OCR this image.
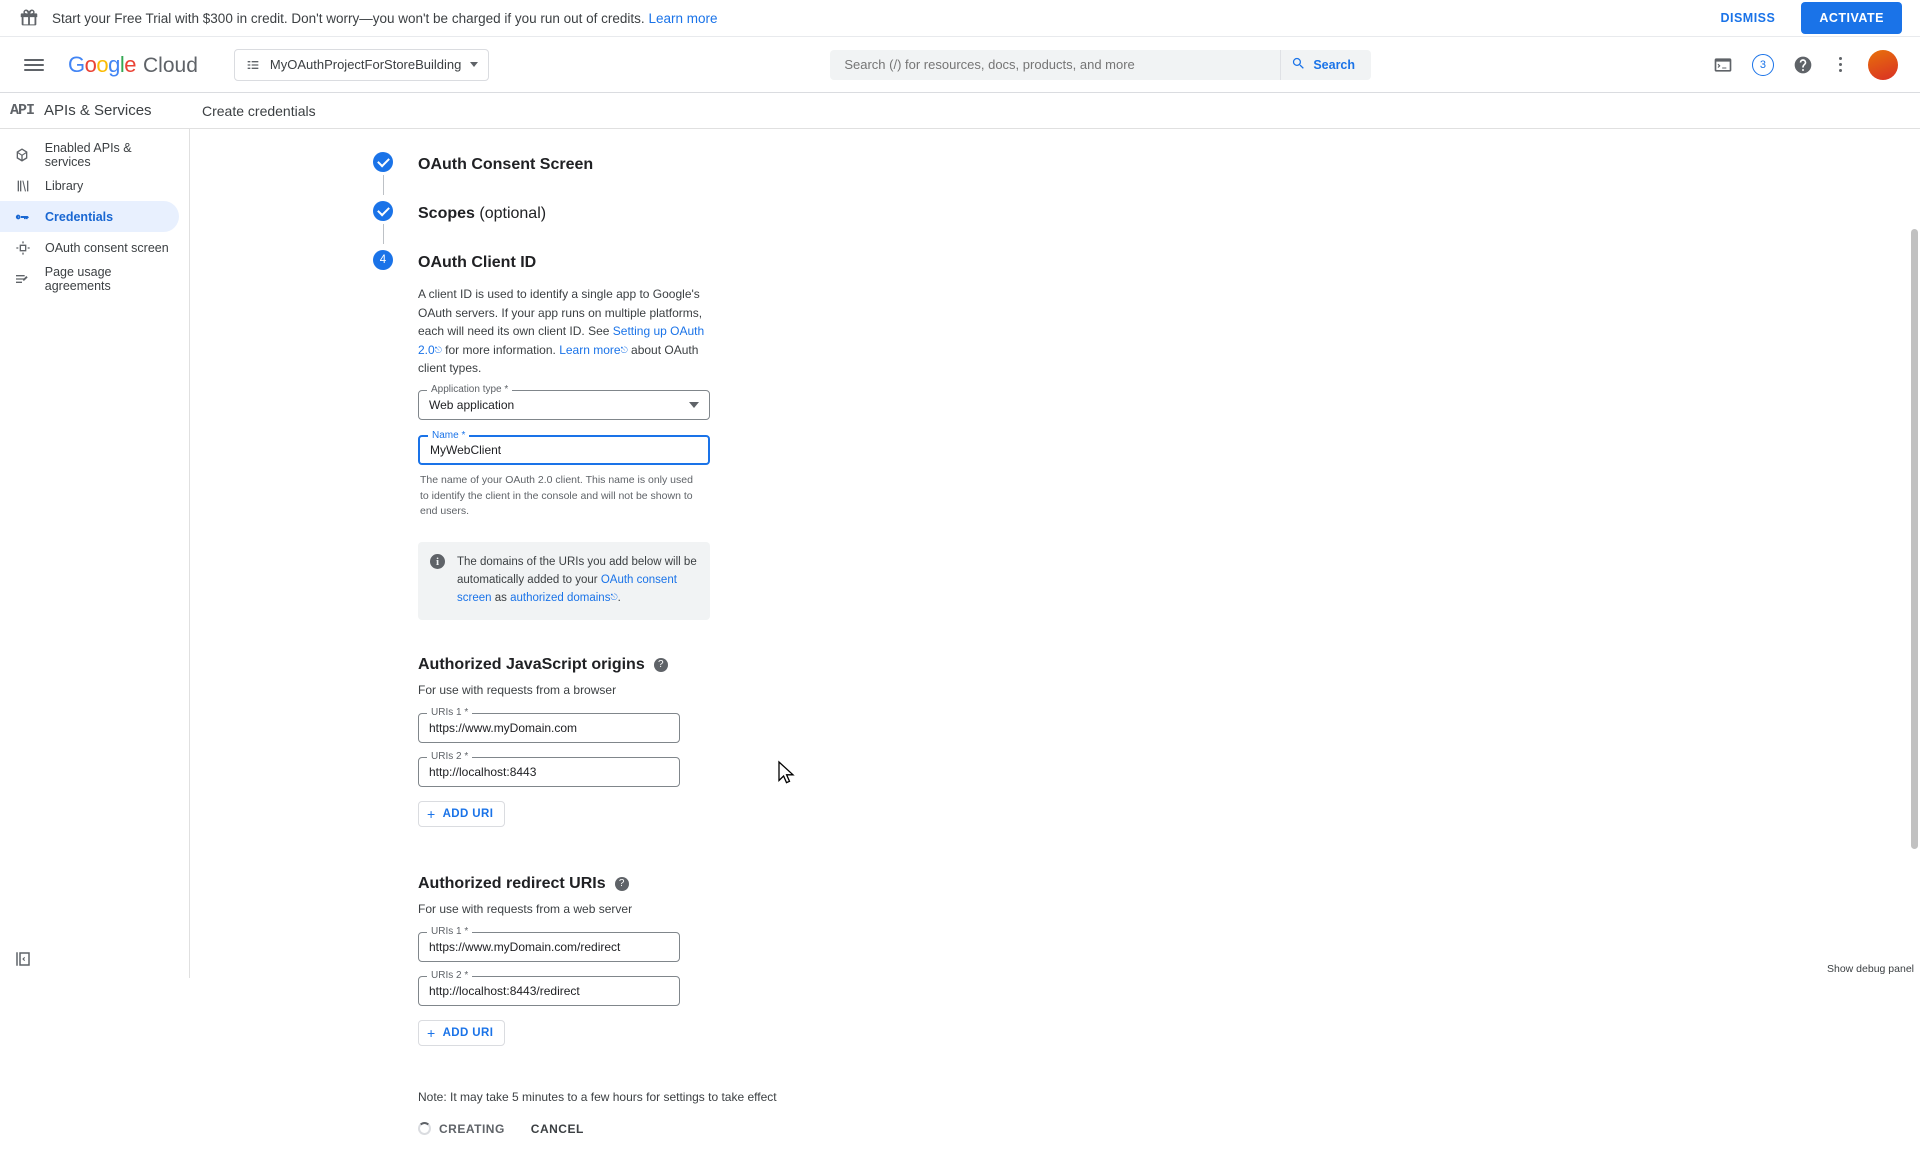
Start your Free Trial with $300 in credit. Don't worry—you won't be charged if you run out of credits. Learn more	DISMISS	ACTIVATE
Google Cloud	MyOAuthProjectForStoreBuilding
Search (/) for resources, docs, products, and more	Search	3
API APIs & Services	Create credentials
Enabled APIs & services
Library
Credentials
OAuth consent screen
Page usage agreements
OAuth Consent Screen
Scopes (optional)
4	OAuth Client ID
A client ID is used to identify a single app to Google's OAuth servers. If your app runs on multiple platforms, each will need its own client ID. See Setting up OAuth 2.0⎋ for more information. Learn more⎋ about OAuth client types.
Application type *
Web application
Name *
MyWebClient
The name of your OAuth 2.0 client. This name is only used to identify the client in the console and will not be shown to end users.
i	The domains of the URIs you add below will be automatically added to your OAuth consent screen as authorized domains⎋.
Authorized JavaScript origins	?
For use with requests from a browser
URIs 1 *
https://www.myDomain.com
URIs 2 *
http://localhost:8443
+ ADD URI
Authorized redirect URIs	?
For use with requests from a web server
URIs 1 *
https://www.myDomain.com/redirect
URIs 2 *
http://localhost:8443/redirect
+ ADD URI
Note: It may take 5 minutes to a few hours for settings to take effect
CREATING CANCEL
Show debug panel
